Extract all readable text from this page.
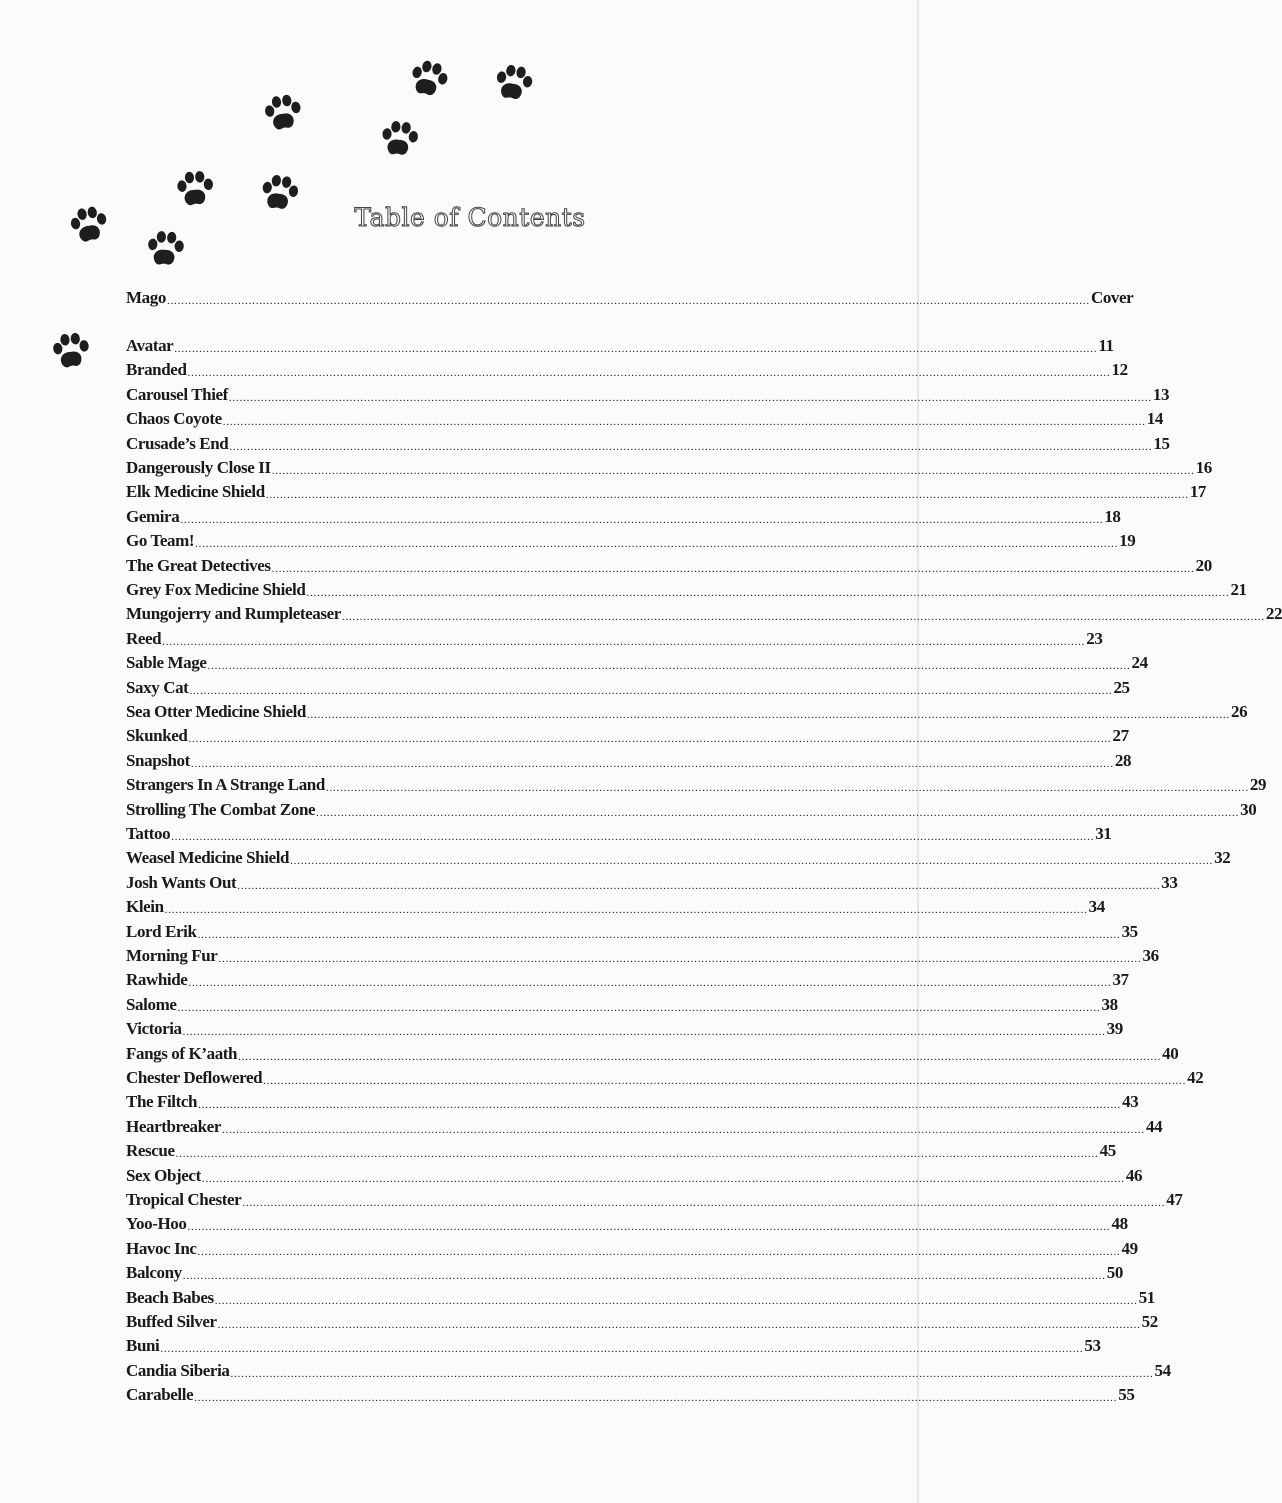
Table of Contents
Mago .................................................................................................................................................................................................................................................................... Cover
Avatar .................................................................................................................................................................................................................................................................... 11
Branded .................................................................................................................................................................................................................................................................... 12
Carousel Thief .................................................................................................................................................................................................................................................................... 13
Chaos Coyote .................................................................................................................................................................................................................................................................... 14
Crusade’s End .................................................................................................................................................................................................................................................................... 15
Dangerously Close II .................................................................................................................................................................................................................................................................... 16
Elk Medicine Shield .................................................................................................................................................................................................................................................................... 17
Gemira .................................................................................................................................................................................................................................................................... 18
Go Team! .................................................................................................................................................................................................................................................................... 19
The Great Detectives .................................................................................................................................................................................................................................................................... 20
Grey Fox Medicine Shield .................................................................................................................................................................................................................................................................... 21
Mungojerry and Rumpleteaser .................................................................................................................................................................................................................................................................... 22
Reed .................................................................................................................................................................................................................................................................... 23
Sable Mage .................................................................................................................................................................................................................................................................... 24
Saxy Cat .................................................................................................................................................................................................................................................................... 25
Sea Otter Medicine Shield .................................................................................................................................................................................................................................................................... 26
Skunked .................................................................................................................................................................................................................................................................... 27
Snapshot .................................................................................................................................................................................................................................................................... 28
Strangers In A Strange Land .................................................................................................................................................................................................................................................................... 29
Strolling The Combat Zone .................................................................................................................................................................................................................................................................... 30
Tattoo .................................................................................................................................................................................................................................................................... 31
Weasel Medicine Shield .................................................................................................................................................................................................................................................................... 32
Josh Wants Out .................................................................................................................................................................................................................................................................... 33
Klein .................................................................................................................................................................................................................................................................... 34
Lord Erik .................................................................................................................................................................................................................................................................... 35
Morning Fur .................................................................................................................................................................................................................................................................... 36
Rawhide .................................................................................................................................................................................................................................................................... 37
Salome .................................................................................................................................................................................................................................................................... 38
Victoria .................................................................................................................................................................................................................................................................... 39
Fangs of K’aath .................................................................................................................................................................................................................................................................... 40
Chester Deflowered .................................................................................................................................................................................................................................................................... 42
The Filtch .................................................................................................................................................................................................................................................................... 43
Heartbreaker .................................................................................................................................................................................................................................................................... 44
Rescue .................................................................................................................................................................................................................................................................... 45
Sex Object .................................................................................................................................................................................................................................................................... 46
Tropical Chester .................................................................................................................................................................................................................................................................... 47
Yoo-Hoo .................................................................................................................................................................................................................................................................... 48
Havoc Inc .................................................................................................................................................................................................................................................................... 49
Balcony .................................................................................................................................................................................................................................................................... 50
Beach Babes .................................................................................................................................................................................................................................................................... 51
Buffed Silver .................................................................................................................................................................................................................................................................... 52
Buni .................................................................................................................................................................................................................................................................... 53
Candia Siberia .................................................................................................................................................................................................................................................................... 54
Carabelle .................................................................................................................................................................................................................................................................... 55
